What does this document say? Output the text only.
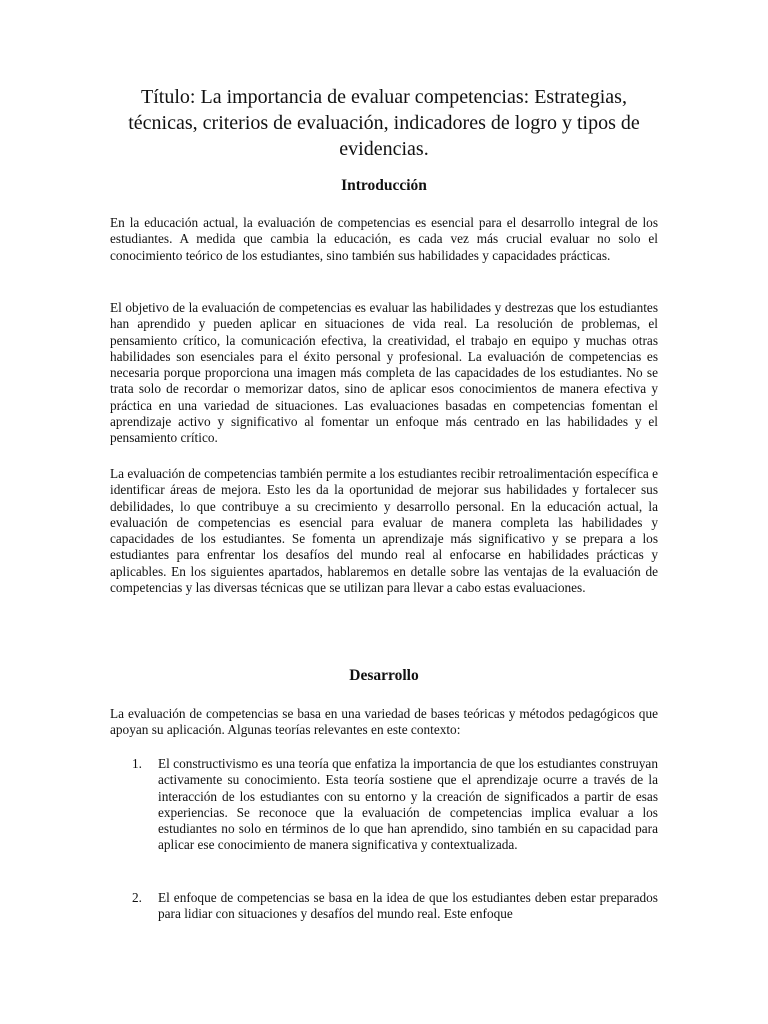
Título: La importancia de evaluar competencias: Estrategias, técnicas, criterios de evaluación, indicadores de logro y tipos de evidencias.
Introducción

En la educación actual, la evaluación de competencias es esencial para el desarrollo integral de los estudiantes. A medida que cambia la educación, es cada vez más crucial evaluar no solo el conocimiento teórico de los estudiantes, sino también sus habilidades y capacidades prácticas.

El objetivo de la evaluación de competencias es evaluar las habilidades y destrezas que los estudiantes han aprendido y pueden aplicar en situaciones de vida real. La resolución de problemas, el pensamiento crítico, la comunicación efectiva, la creatividad, el trabajo en equipo y muchas otras habilidades son esenciales para el éxito personal y profesional. La evaluación de competencias es necesaria porque proporciona una imagen más completa de las capacidades de los estudiantes. No se trata solo de recordar o memorizar datos, sino de aplicar esos conocimientos de manera efectiva y práctica en una variedad de situaciones. Las evaluaciones basadas en competencias fomentan el aprendizaje activo y significativo al fomentar un enfoque más centrado en las habilidades y el pensamiento crítico.

La evaluación de competencias también permite a los estudiantes recibir retroalimentación específica e identificar áreas de mejora. Esto les da la oportunidad de mejorar sus habilidades y fortalecer sus debilidades, lo que contribuye a su crecimiento y desarrollo personal. En la educación actual, la evaluación de competencias es esencial para evaluar de manera completa las habilidades y capacidades de los estudiantes. Se fomenta un aprendizaje más significativo y se prepara a los estudiantes para enfrentar los desafíos del mundo real al enfocarse en habilidades prácticas y aplicables. En los siguientes apartados, hablaremos en detalle sobre las ventajas de la evaluación de competencias y las diversas técnicas que se utilizan para llevar a cabo estas evaluaciones.

Desarrollo

La evaluación de competencias se basa en una variedad de bases teóricas y métodos pedagógicos que apoyan su aplicación. Algunas teorías relevantes en este contexto:

1. El constructivismo es una teoría que enfatiza la importancia de que los estudiantes construyan activamente su conocimiento. Esta teoría sostiene que el aprendizaje ocurre a través de la interacción de los estudiantes con su entorno y la creación de significados a partir de esas experiencias. Se reconoce que la evaluación de competencias implica evaluar a los estudiantes no solo en términos de lo que han aprendido, sino también en su capacidad para aplicar ese conocimiento de manera significativa y contextualizada.

2. El enfoque de competencias se basa en la idea de que los estudiantes deben estar preparados para lidiar con situaciones y desafíos del mundo real. Este enfoque
